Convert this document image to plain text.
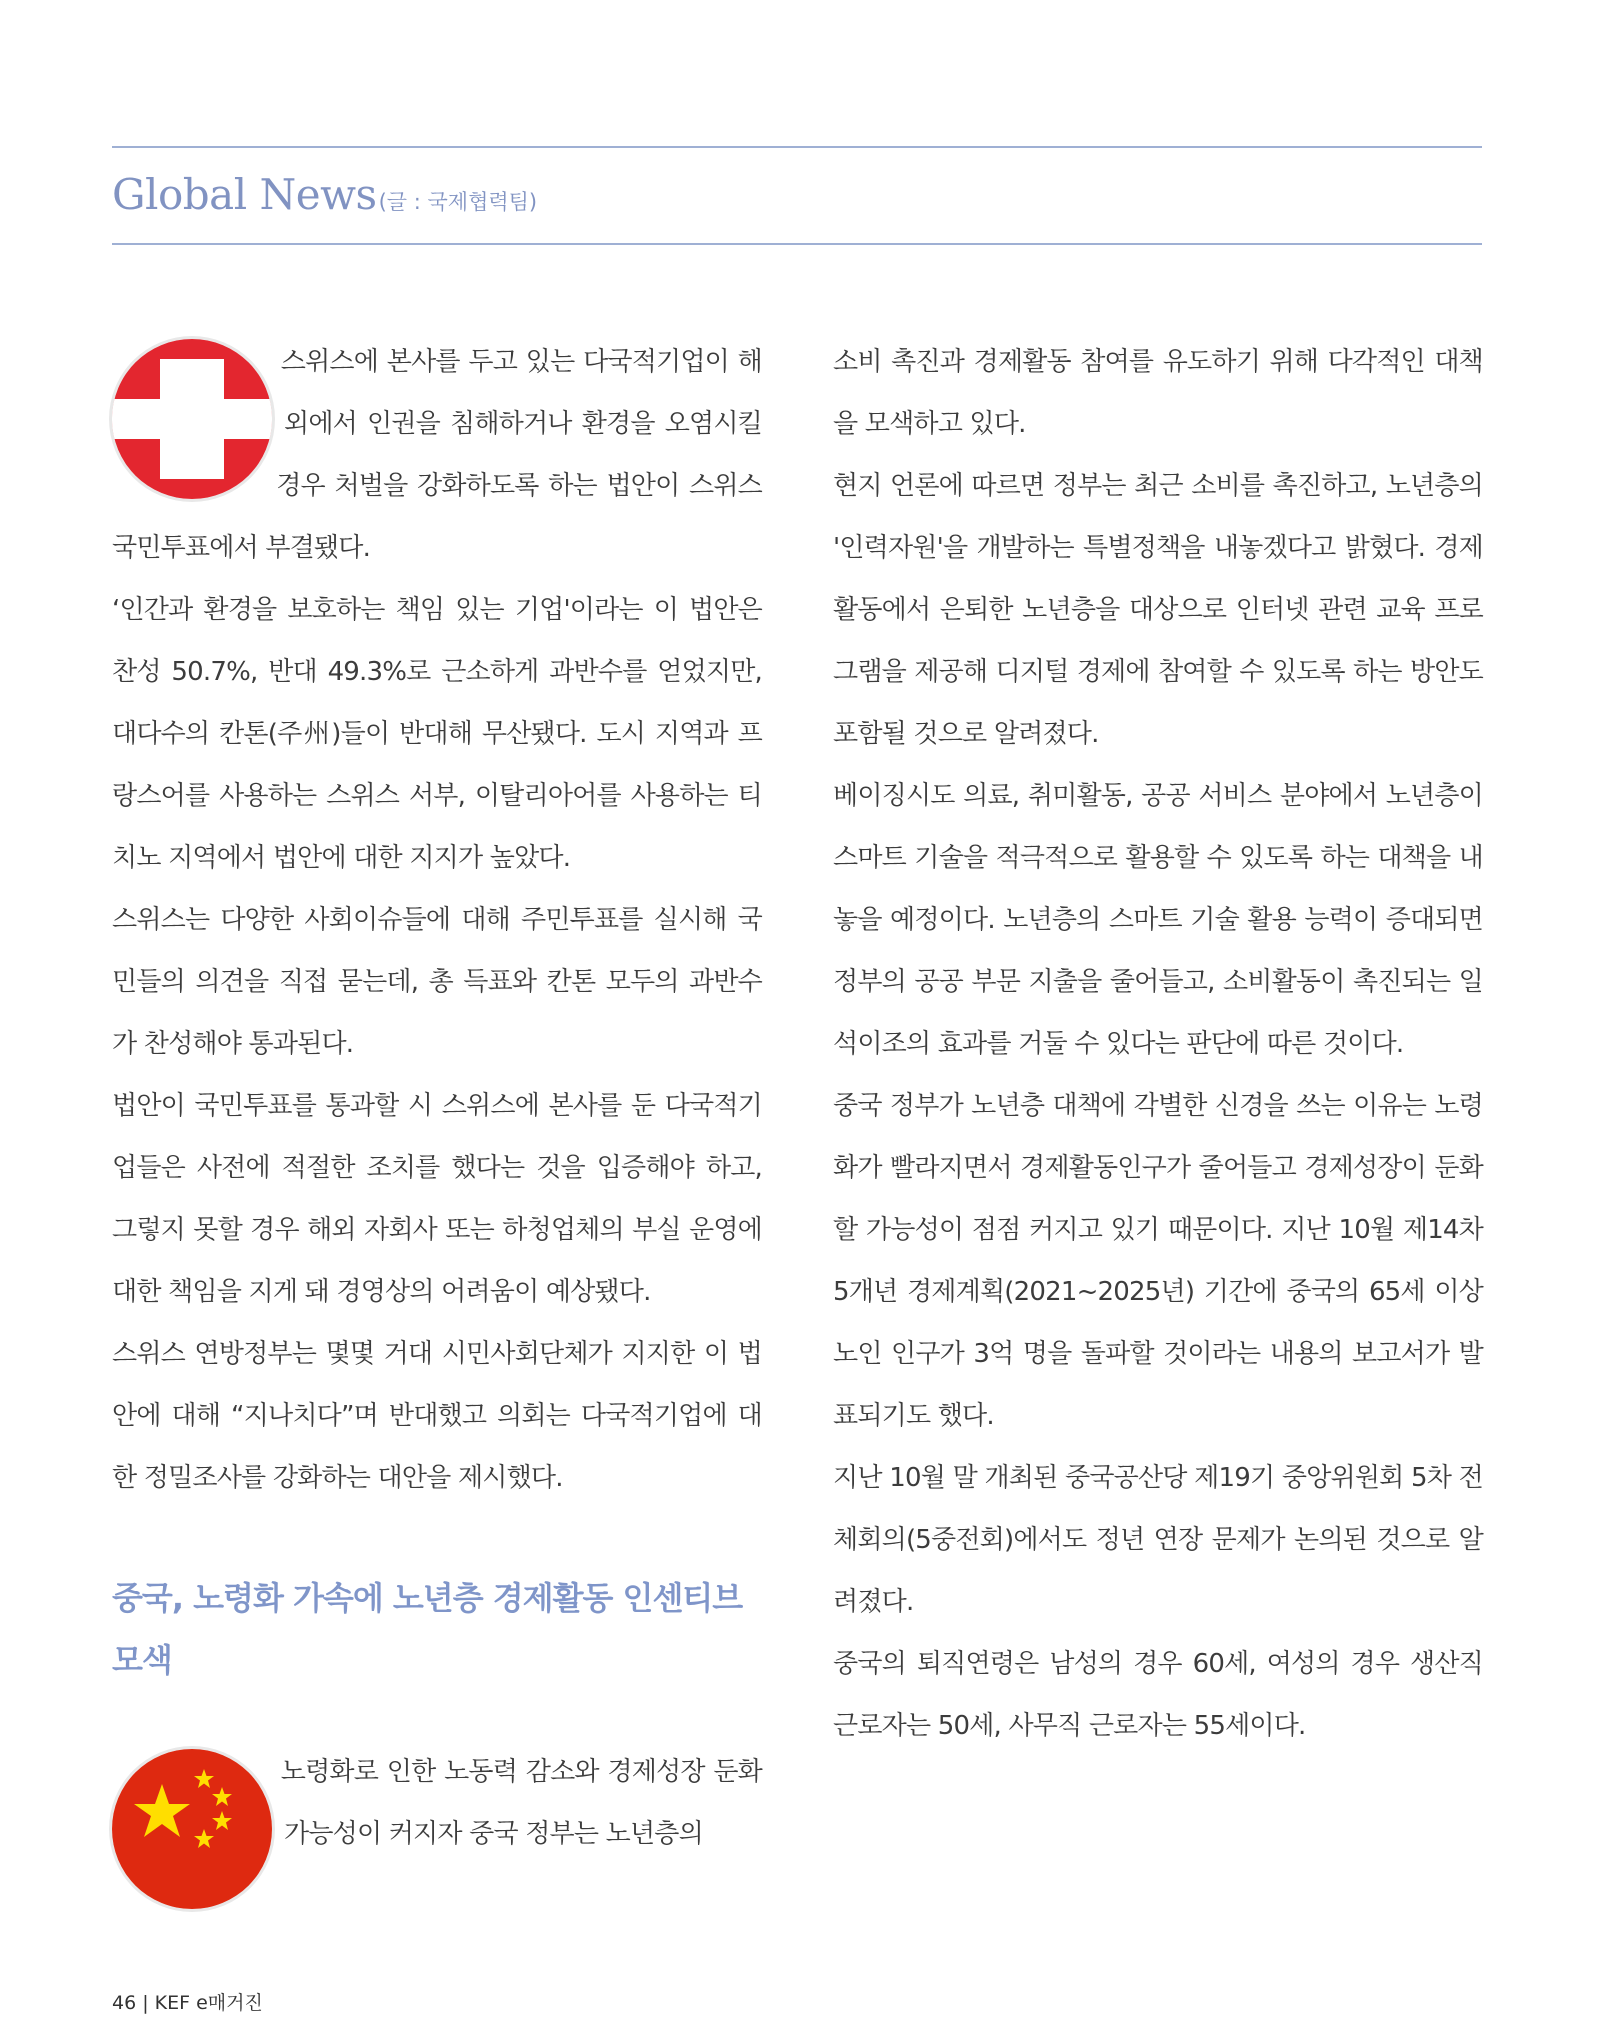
Global News (글 : 국제협력팀)

스위스에 본사를 두고 있는 다국적기업이 해외에서 인권을 침해하거나 환경을 오염시킬 경우 처벌을 강화하도록 하는 법안이 스위스 국민투표에서 부결됐다.

‘인간과 환경을 보호하는 책임 있는 기업'이라는 이 법안은 찬성 50.7%, 반대 49.3%로 근소하게 과반수를 얻었지만, 대다수의 칸톤(주州)들이 반대해 무산됐다. 도시 지역과 프랑스어를 사용하는 스위스 서부, 이탈리아어를 사용하는 티치노 지역에서 법안에 대한 지지가 높았다.

스위스는 다양한 사회이슈들에 대해 주민투표를 실시해 국민들의 의견을 직접 묻는데, 총 득표와 칸톤 모두의 과반수가 찬성해야 통과된다.

법안이 국민투표를 통과할 시 스위스에 본사를 둔 다국적기업들은 사전에 적절한 조치를 했다는 것을 입증해야 하고, 그렇지 못할 경우 해외 자회사 또는 하청업체의 부실 운영에 대한 책임을 지게 돼 경영상의 어려움이 예상됐다.

스위스 연방정부는 몇몇 거대 시민사회단체가 지지한 이 법안에 대해 “지나치다”며 반대했고 의회는 다국적기업에 대한 정밀조사를 강화하는 대안을 제시했다.

중국, 노령화 가속에 노년층 경제활동 인센티브 모색

노령화로 인한 노동력 감소와 경제성장 둔화 가능성이 커지자 중국 정부는 노년층의

소비 촉진과 경제활동 참여를 유도하기 위해 다각적인 대책을 모색하고 있다.

현지 언론에 따르면 정부는 최근 소비를 촉진하고, 노년층의 '인력자원'을 개발하는 특별정책을 내놓겠다고 밝혔다. 경제활동에서 은퇴한 노년층을 대상으로 인터넷 관련 교육 프로그램을 제공해 디지털 경제에 참여할 수 있도록 하는 방안도 포함될 것으로 알려졌다.

베이징시도 의료, 취미활동, 공공 서비스 분야에서 노년층이 스마트 기술을 적극적으로 활용할 수 있도록 하는 대책을 내놓을 예정이다. 노년층의 스마트 기술 활용 능력이 증대되면 정부의 공공 부문 지출을 줄어들고, 소비활동이 촉진되는 일석이조의 효과를 거둘 수 있다는 판단에 따른 것이다.

중국 정부가 노년층 대책에 각별한 신경을 쓰는 이유는 노령화가 빨라지면서 경제활동인구가 줄어들고 경제성장이 둔화할 가능성이 점점 커지고 있기 때문이다. 지난 10월 제14차 5개년 경제계획(2021~2025년) 기간에 중국의 65세 이상 노인 인구가 3억 명을 돌파할 것이라는 내용의 보고서가 발표되기도 했다.

지난 10월 말 개최된 중국공산당 제19기 중앙위원회 5차 전체회의(5중전회)에서도 정년 연장 문제가 논의된 것으로 알려졌다.

중국의 퇴직연령은 남성의 경우 60세, 여성의 경우 생산직 근로자는 50세, 사무직 근로자는 55세이다.

46 | KEF e매거진
